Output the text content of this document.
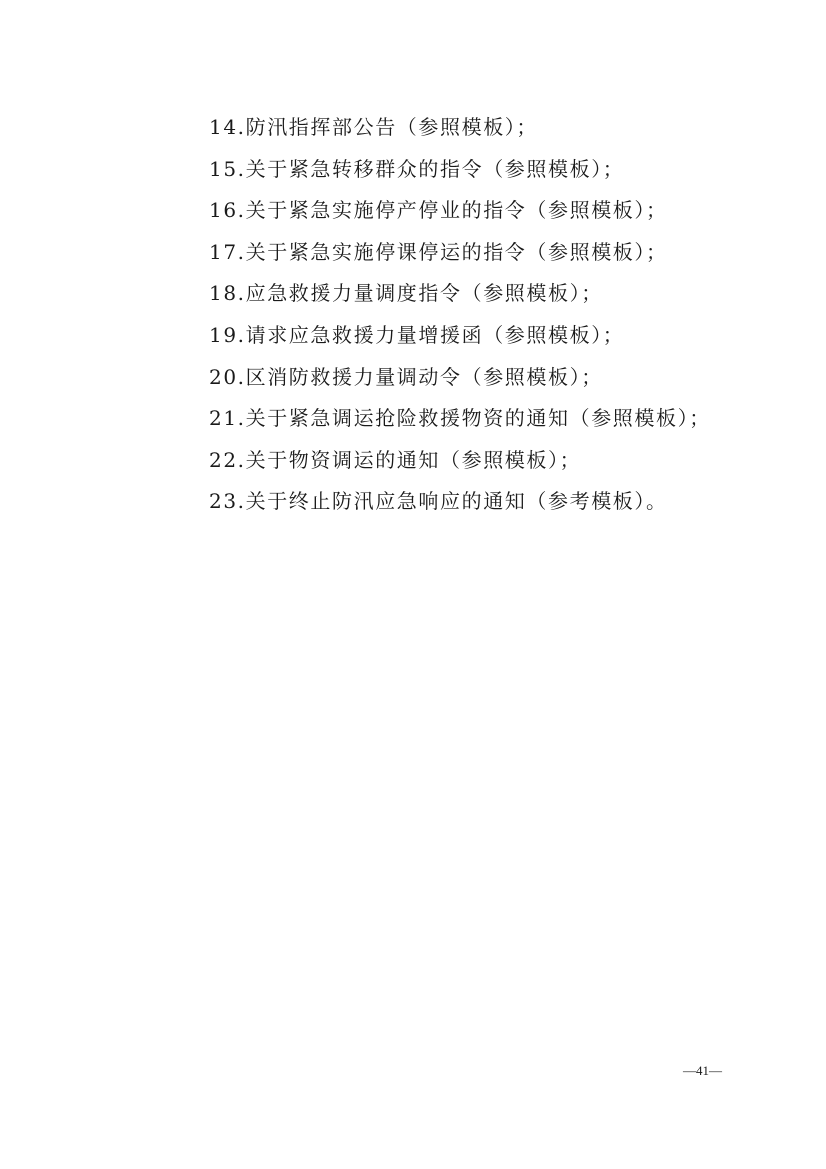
14.防汛指挥部公告（参照模板）；
15.关于紧急转移群众的指令（参照模板）；
16.关于紧急实施停产停业的指令（参照模板）；
17.关于紧急实施停课停运的指令（参照模板）；
18.应急救援力量调度指令（参照模板）；
19.请求应急救援力量增援函（参照模板）；
20.区消防救援力量调动令（参照模板）；
21.关于紧急调运抢险救援物资的通知（参照模板）；
22.关于物资调运的通知（参照模板）；
23.关于终止防汛应急响应的通知（参考模板）。
—41—
